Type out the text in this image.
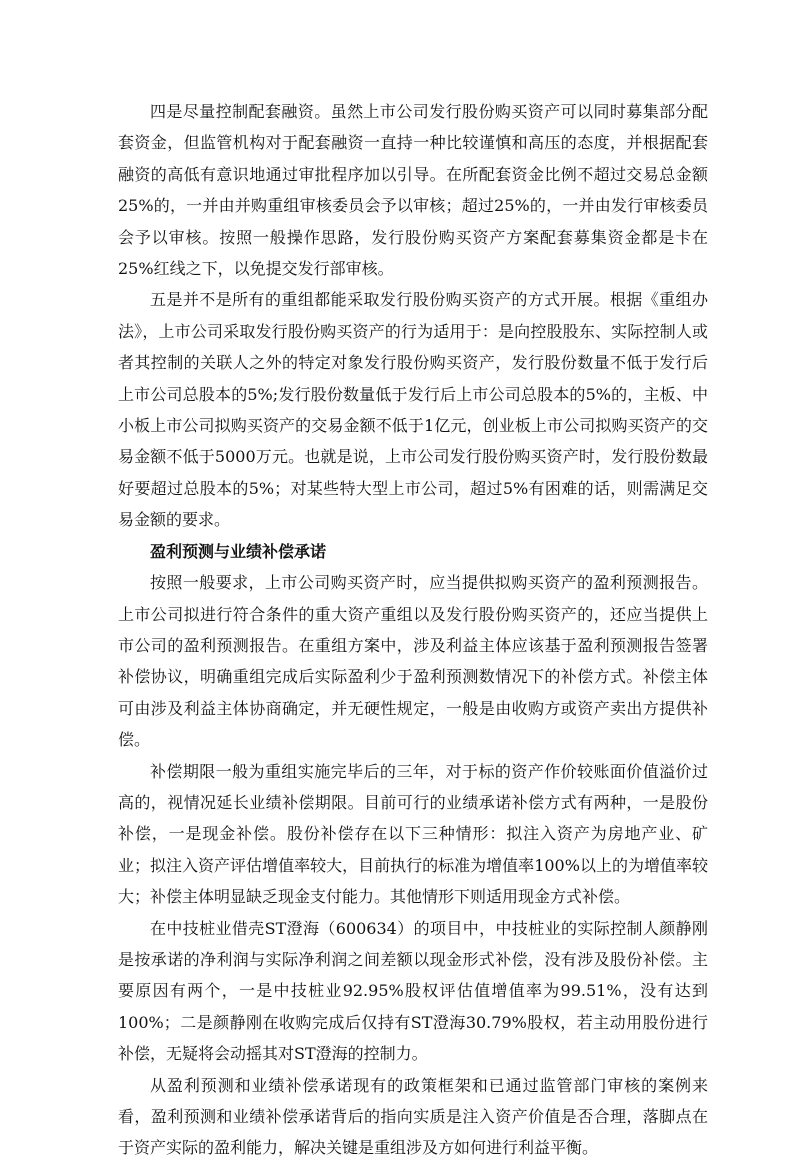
四是尽量控制配套融资。虽然上市公司发行股份购买资产可以同时募集部分配套资金，但监管机构对于配套融资一直持一种比较谨慎和高压的态度，并根据配套融资的高低有意识地通过审批程序加以引导。在所配套资金比例不超过交易总金额25%的，一并由并购重组审核委员会予以审核；超过25%的，一并由发行审核委员会予以审核。按照一般操作思路，发行股份购买资产方案配套募集资金都是卡在25%红线之下，以免提交发行部审核。

五是并不是所有的重组都能采取发行股份购买资产的方式开展。根据《重组办法》，上市公司采取发行股份购买资产的行为适用于：是向控股股东、实际控制人或者其控制的关联人之外的特定对象发行股份购买资产，发行股份数量不低于发行后上市公司总股本的5%;发行股份数量低于发行后上市公司总股本的5%的，主板、中小板上市公司拟购买资产的交易金额不低于1亿元，创业板上市公司拟购买资产的交易金额不低于5000万元。也就是说，上市公司发行股份购买资产时，发行股份数最好要超过总股本的5%；对某些特大型上市公司，超过5%有困难的话，则需满足交易金额的要求。

盈利预测与业绩补偿承诺

按照一般要求，上市公司购买资产时，应当提供拟购买资产的盈利预测报告。上市公司拟进行符合条件的重大资产重组以及发行股份购买资产的，还应当提供上市公司的盈利预测报告。在重组方案中，涉及利益主体应该基于盈利预测报告签署补偿协议，明确重组完成后实际盈利少于盈利预测数情况下的补偿方式。补偿主体可由涉及利益主体协商确定，并无硬性规定，一般是由收购方或资产卖出方提供补偿。

补偿期限一般为重组实施完毕后的三年，对于标的资产作价较账面价值溢价过高的，视情况延长业绩补偿期限。目前可行的业绩承诺补偿方式有两种，一是股份补偿，一是现金补偿。股份补偿存在以下三种情形：拟注入资产为房地产业、矿业；拟注入资产评估增值率较大，目前执行的标准为增值率100%以上的为增值率较大；补偿主体明显缺乏现金支付能力。其他情形下则适用现金方式补偿。

在中技桩业借壳ST澄海（600634）的项目中，中技桩业的实际控制人颜静刚是按承诺的净利润与实际净利润之间差额以现金形式补偿，没有涉及股份补偿。主要原因有两个，一是中技桩业92.95%股权评估值增值率为99.51%，没有达到100%；二是颜静刚在收购完成后仅持有ST澄海30.79%股权，若主动用股份进行补偿，无疑将会动摇其对ST澄海的控制力。

从盈利预测和业绩补偿承诺现有的政策框架和已通过监管部门审核的案例来看，盈利预测和业绩补偿承诺背后的指向实质是注入资产价值是否合理，落脚点在于资产实际的盈利能力，解决关键是重组涉及方如何进行利益平衡。
